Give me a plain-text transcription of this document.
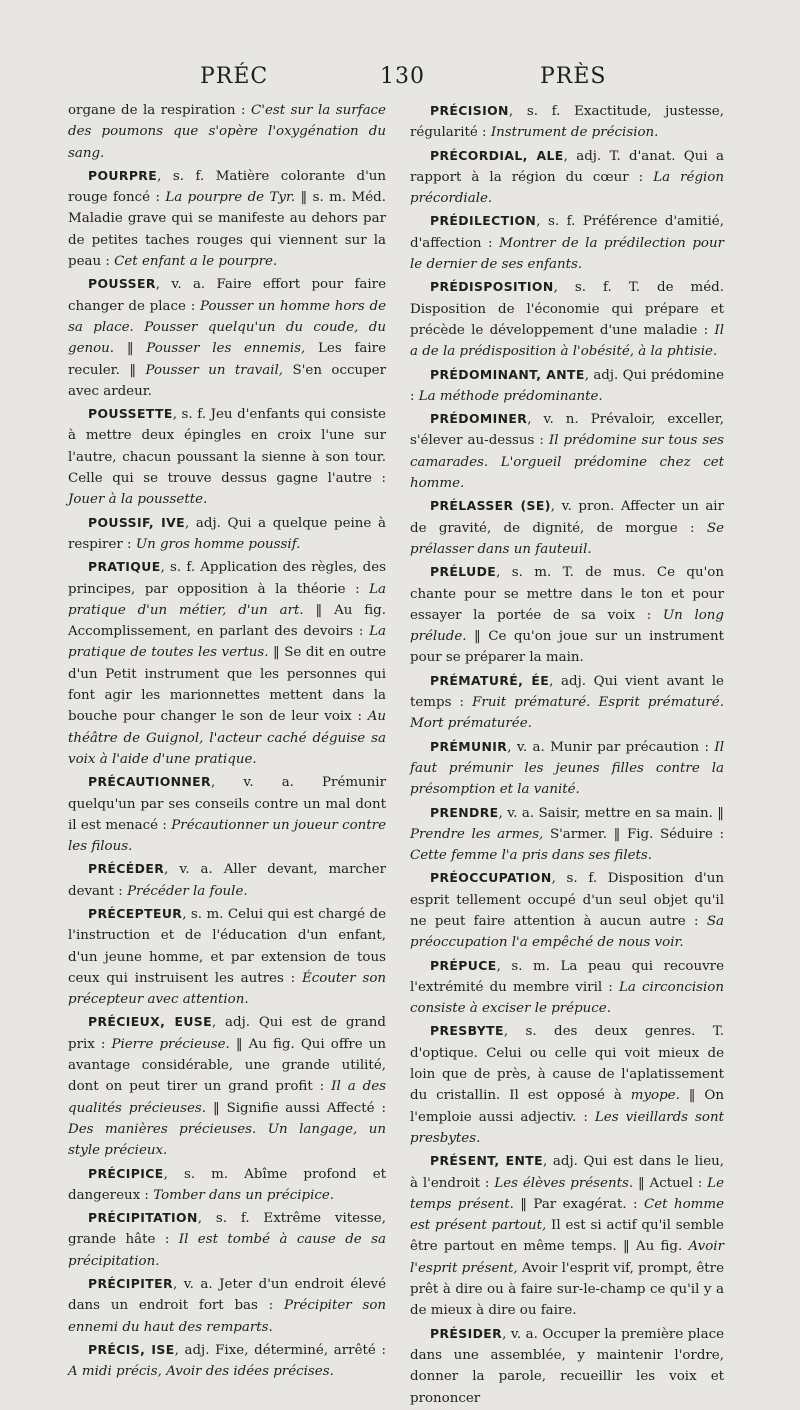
PRÉC	130	PRÈS

organe de la respiration : C'est sur la surface des poumons que s'opère l'oxygénation du sang.

POURPRE, s. f. Matière colorante d'un rouge foncé : La pourpre de Tyr. ‖ s. m. Méd. Maladie grave qui se manifeste au dehors par de petites taches rouges qui viennent sur la peau : Cet enfant a le pourpre.

POUSSER, v. a. Faire effort pour faire changer de place : Pousser un homme hors de sa place. Pousser quelqu'un du coude, du genou. ‖ Pousser les ennemis, Les faire reculer. ‖ Pousser un travail, S'en occuper avec ardeur.

POUSSETTE, s. f. Jeu d'enfants qui consiste à mettre deux épingles en croix l'une sur l'autre, chacun poussant la sienne à son tour. Celle qui se trouve dessus gagne l'autre : Jouer à la poussette.

POUSSIF, IVE, adj. Qui a quelque peine à respirer : Un gros homme poussif.

PRATIQUE, s. f. Application des règles, des principes, par opposition à la théorie : La pratique d'un métier, d'un art. ‖ Au fig. Accomplissement, en parlant des devoirs : La pratique de toutes les vertus. ‖ Se dit en outre d'un Petit instrument que les personnes qui font agir les marionnettes mettent dans la bouche pour changer le son de leur voix : Au théâtre de Guignol, l'acteur caché déguise sa voix à l'aide d'une pratique.

PRÉCAUTIONNER, v. a. Prémunir quelqu'un par ses conseils contre un mal dont il est menacé : Précautionner un joueur contre les filous.

PRÉCÉDER, v. a. Aller devant, marcher devant : Précéder la foule.

PRÉCEPTEUR, s. m. Celui qui est chargé de l'instruction et de l'éducation d'un enfant, d'un jeune homme, et par extension de tous ceux qui instruisent les autres : Écouter son précepteur avec attention.

PRÉCIEUX, EUSE, adj. Qui est de grand prix : Pierre précieuse. ‖ Au fig. Qui offre un avantage considérable, une grande utilité, dont on peut tirer un grand profit : Il a des qualités précieuses. ‖ Signifie aussi Affecté : Des manières précieuses. Un langage, un style précieux.

PRÉCIPICE, s. m. Abîme profond et dangereux : Tomber dans un précipice.

PRÉCIPITATION, s. f. Extrême vitesse, grande hâte : Il est tombé à cause de sa précipitation.

PRÉCIPITER, v. a. Jeter d'un endroit élevé dans un endroit fort bas : Précipiter son ennemi du haut des remparts.

PRÉCIS, ISE, adj. Fixe, déterminé, arrêté : A midi précis, Avoir des idées précises.

PRÉCISION, s. f. Exactitude, justesse, régularité : Instrument de précision.

PRÉCORDIAL, ALE, adj. T. d'anat. Qui a rapport à la région du cœur : La région précordiale.

PRÉDILECTION, s. f. Préférence d'amitié, d'affection : Montrer de la prédilection pour le dernier de ses enfants.

PRÉDISPOSITION, s. f. T. de méd. Disposition de l'économie qui prépare et précède le développement d'une maladie : Il a de la prédisposition à l'obésité, à la phtisie.

PRÉDOMINANT, ANTE, adj. Qui prédomine : La méthode prédominante.

PRÉDOMINER, v. n. Prévaloir, exceller, s'élever au-dessus : Il prédomine sur tous ses camarades. L'orgueil prédomine chez cet homme.

PRÉLASSER (SE), v. pron. Affecter un air de gravité, de dignité, de morgue : Se prélasser dans un fauteuil.

PRÉLUDE, s. m. T. de mus. Ce qu'on chante pour se mettre dans le ton et pour essayer la portée de sa voix : Un long prélude. ‖ Ce qu'on joue sur un instrument pour se préparer la main.

PRÉMATURÉ, ÉE, adj. Qui vient avant le temps : Fruit prématuré. Esprit prématuré. Mort prématurée.

PRÉMUNIR, v. a. Munir par précaution : Il faut prémunir les jeunes filles contre la présomption et la vanité.

PRENDRE, v. a. Saisir, mettre en sa main. ‖ Prendre les armes, S'armer. ‖ Fig. Séduire : Cette femme l'a pris dans ses filets.

PRÉOCCUPATION, s. f. Disposition d'un esprit tellement occupé d'un seul objet qu'il ne peut faire attention à aucun autre : Sa préoccupation l'a empêché de nous voir.

PRÉPUCE, s. m. La peau qui recouvre l'extrémité du membre viril : La circoncision consiste à exciser le prépuce.

PRESBYTE, s. des deux genres. T. d'optique. Celui ou celle qui voit mieux de loin que de près, à cause de l'aplatissement du cristallin. Il est opposé à myope. ‖ On l'emploie aussi adjectiv. : Les vieillards sont presbytes.

PRÉSENT, ENTE, adj. Qui est dans le lieu, à l'endroit : Les élèves présents. ‖ Actuel : Le temps présent. ‖ Par exagérat. : Cet homme est présent partout, Il est si actif qu'il semble être partout en même temps. ‖ Au fig. Avoir l'esprit présent, Avoir l'esprit vif, prompt, être prêt à dire ou à faire sur-le-champ ce qu'il y a de mieux à dire ou faire.

PRÉSIDER, v. a. Occuper la première place dans une assemblée, y maintenir l'ordre, donner la parole, recueillir les voix et prononcer
